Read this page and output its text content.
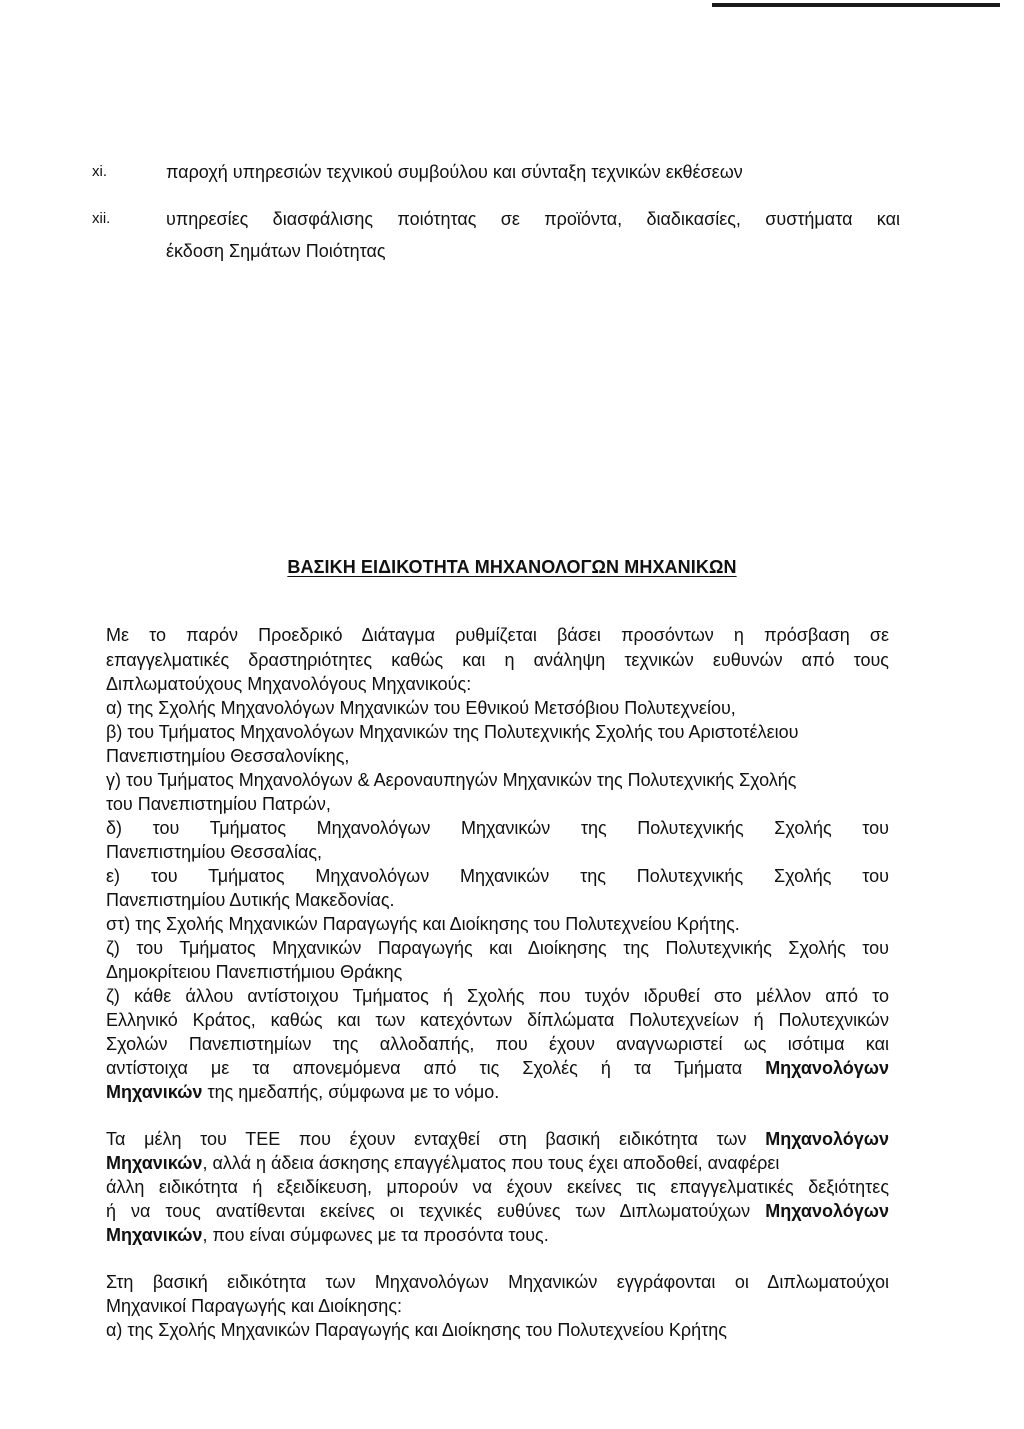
xi.	παροχή υπηρεσιών τεχνικού συμβούλου και σύνταξη τεχνικών εκθέσεων
xii.	υπηρεσίες διασφάλισης ποιότητας σε προϊόντα, διαδικασίες, συστήματα και
έκδοση Σημάτων Ποιότητας
ΒΑΣΙΚΗ ΕΙΔΙΚΟΤΗΤΑ ΜΗΧΑΝΟΛΟΓΩΝ ΜΗΧΑΝΙΚΩΝ
Με το παρόν Προεδρικό Διάταγμα ρυθμίζεται βάσει προσόντων η πρόσβαση σε
επαγγελματικές δραστηριότητες καθώς και η ανάληψη τεχνικών ευθυνών από τους
Διπλωματούχους Μηχανολόγους Μηχανικούς:
α) της Σχολής Μηχανολόγων Μηχανικών του Εθνικού Μετσόβιου Πολυτεχνείου,
β) του Τμήματος Μηχανολόγων Μηχανικών της Πολυτεχνικής Σχολής του Αριστοτέλειου
Πανεπιστημίου Θεσσαλονίκης,
γ) του Τμήματος Μηχανολόγων & Αεροναυπηγών Μηχανικών της Πολυτεχνικής Σχολής
του Πανεπιστημίου Πατρών,
δ) του Τμήματος Μηχανολόγων Μηχανικών της Πολυτεχνικής Σχολής του
Πανεπιστημίου Θεσσαλίας,
ε) του Τμήματος Μηχανολόγων Μηχανικών της Πολυτεχνικής Σχολής του
Πανεπιστημίου Δυτικής Μακεδονίας.
στ) της Σχολής Μηχανικών Παραγωγής και Διοίκησης του Πολυτεχνείου Κρήτης.
ζ) του Τμήματος Μηχανικών Παραγωγής και Διοίκησης της Πολυτεχνικής Σχολής του
Δημοκρίτειου Πανεπιστήμιου Θράκης
ζ) κάθε άλλου αντίστοιχου Τμήματος ή Σχολής που τυχόν ιδρυθεί στο μέλλον από το
Ελληνικό Κράτος, καθώς και των κατεχόντων δίπλώματα Πολυτεχνείων ή Πολυτεχνικών
Σχολών Πανεπιστημίων της αλλοδαπής, που έχουν αναγνωριστεί ως ισότιμα και
αντίστοιχα με τα απονεμόμενα από τις Σχολές ή τα Τμήματα Μηχανολόγων
Μηχανικών της ημεδαπής, σύμφωνα με το νόμο.
Τα μέλη του ΤΕΕ που έχουν ενταχθεί στη βασική ειδικότητα των Μηχανολόγων
Μηχανικών, αλλά η άδεια άσκησης επαγγέλματος που τους έχει αποδοθεί, αναφέρει
άλλη ειδικότητα ή εξειδίκευση, μπορούν να έχουν εκείνες τις επαγγελματικές δεξιότητες
ή να τους ανατίθενται εκείνες οι τεχνικές ευθύνες των Διπλωματούχων Μηχανολόγων
Μηχανικών, που είναι σύμφωνες με τα προσόντα τους.
Στη βασική ειδικότητα των Μηχανολόγων Μηχανικών εγγράφονται οι Διπλωματούχοι
Μηχανικοί Παραγωγής και Διοίκησης:
α) της Σχολής Μηχανικών Παραγωγής και Διοίκησης του Πολυτεχνείου Κρήτης
